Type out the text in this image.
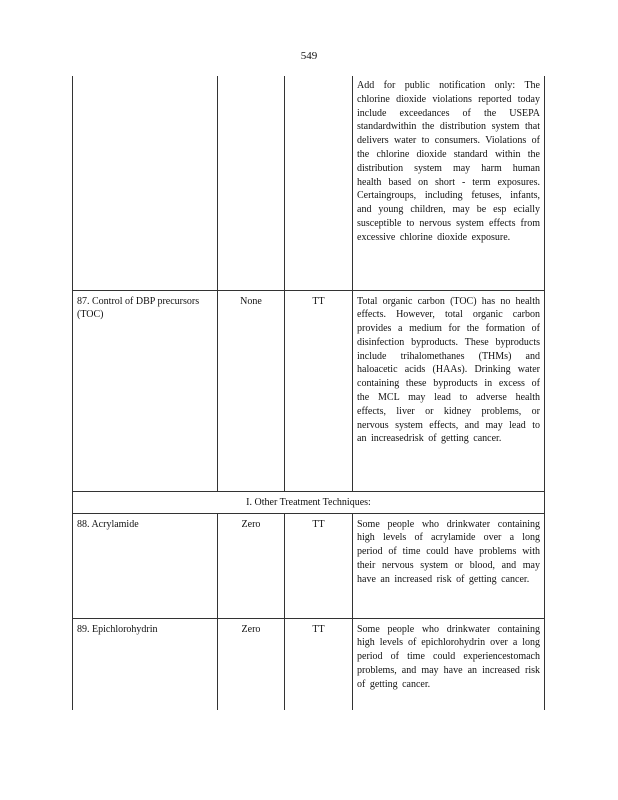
549
			Add for public notification only: The chlorine dioxide violations reported today include exceedances of the USEPA standardwithin the distribution system that delivers water to consumers. Violations of the chlorine dioxide standard within the distribution system may harm human health based on short - term exposures. Certaingroups, including fetuses, infants, and young children, may be esp ecially susceptible to nervous system effects from excessive chlorine dioxide exposure.
87. Control of DBP precursors (TOC)	None	TT	Total organic carbon (TOC) has no health effects. However, total organic carbon provides a medium for the formation of disinfection byproducts. These byproducts include trihalomethanes (THMs) and haloacetic acids (HAAs). Drinking water containing these byproducts in excess of the MCL may lead to adverse health effects, liver or kidney problems, or nervous system effects, and may lead to an increasedrisk of getting cancer.
I. Other Treatment Techniques:			
88. Acrylamide	Zero	TT	Some people who drinkwater containing high levels of acrylamide over a long period of time could have problems with their nervous system or blood, and may have an increased risk of getting cancer.
89. Epichlorohydrin	Zero	TT	Some people who drinkwater containing high levels of epichlorohydrin over a long period of time could experiencestomach problems, and may have an increased risk of getting cancer.
